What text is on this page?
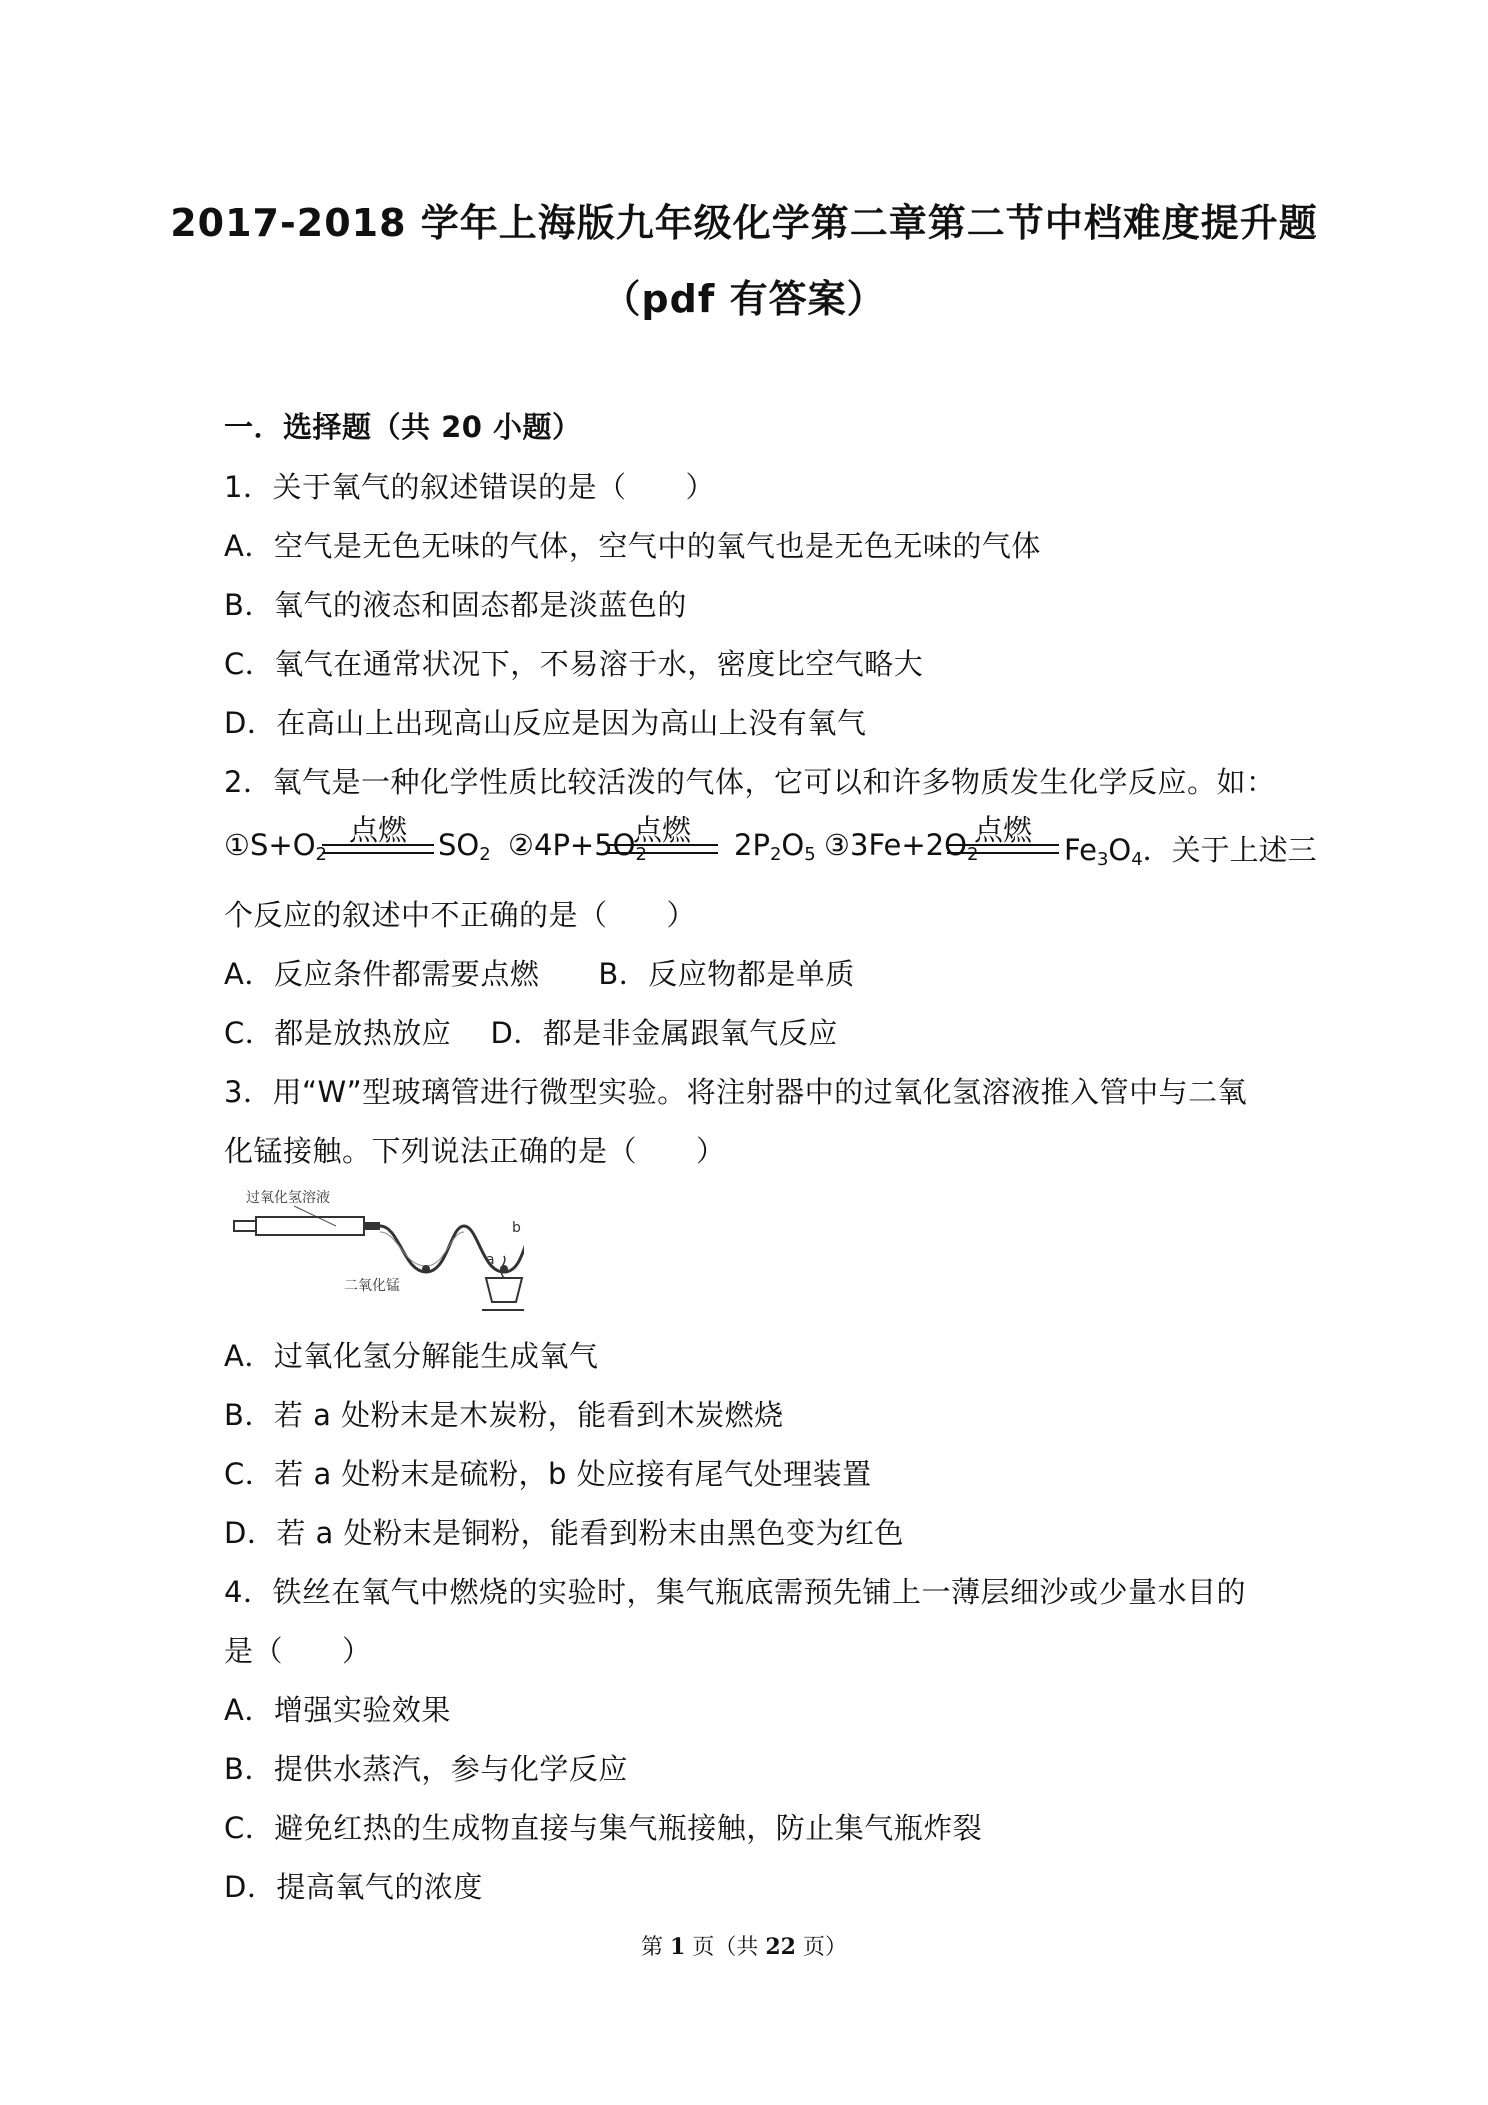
2017-2018 学年上海版九年级化学第二章第二节中档难度提升题
（pdf 有答案）
一．选择题（共 20 小题）
1．关于氧气的叙述错误的是（　　）
A．空气是无色无味的气体，空气中的氧气也是无色无味的气体
B．氧气的液态和固态都是淡蓝色的
C．氧气在通常状况下，不易溶于水，密度比空气略大
D．在高山上出现高山反应是因为高山上没有氧气
2．氧气是一种化学性质比较活泼的气体，它可以和许多物质发生化学反应。如：
$①S+O_2$
点燃	$SO_2$ $②4P+5O_2$
点燃	$2P_2O_5$ $③3Fe+2O_2$
点燃
$Fe_3O_4$．关于上述三
个反应的叙述中不正确的是（　　）
A．反应条件都需要点燃　　B．反应物都是单质
C．都是放热放应　 D．都是非金属跟氧气反应
3．用“W”型玻璃管进行微型实验。将注射器中的过氧化氢溶液推入管中与二氧
化锰接触。下列说法正确的是（　　）
过氧化氢溶液
b
a
二氧化锰
A．过氧化氢分解能生成氧气
B．若 a 处粉末是木炭粉，能看到木炭燃烧
C．若 a 处粉末是硫粉，b 处应接有尾气处理装置
D．若 a 处粉末是铜粉，能看到粉末由黑色变为红色
4．铁丝在氧气中燃烧的实验时，集气瓶底需预先铺上一薄层细沙或少量水目的
是（　　）
A．增强实验效果
B．提供水蒸汽，参与化学反应
C．避免红热的生成物直接与集气瓶接触，防止集气瓶炸裂
D．提高氧气的浓度
第 1 页（共 22 页）
